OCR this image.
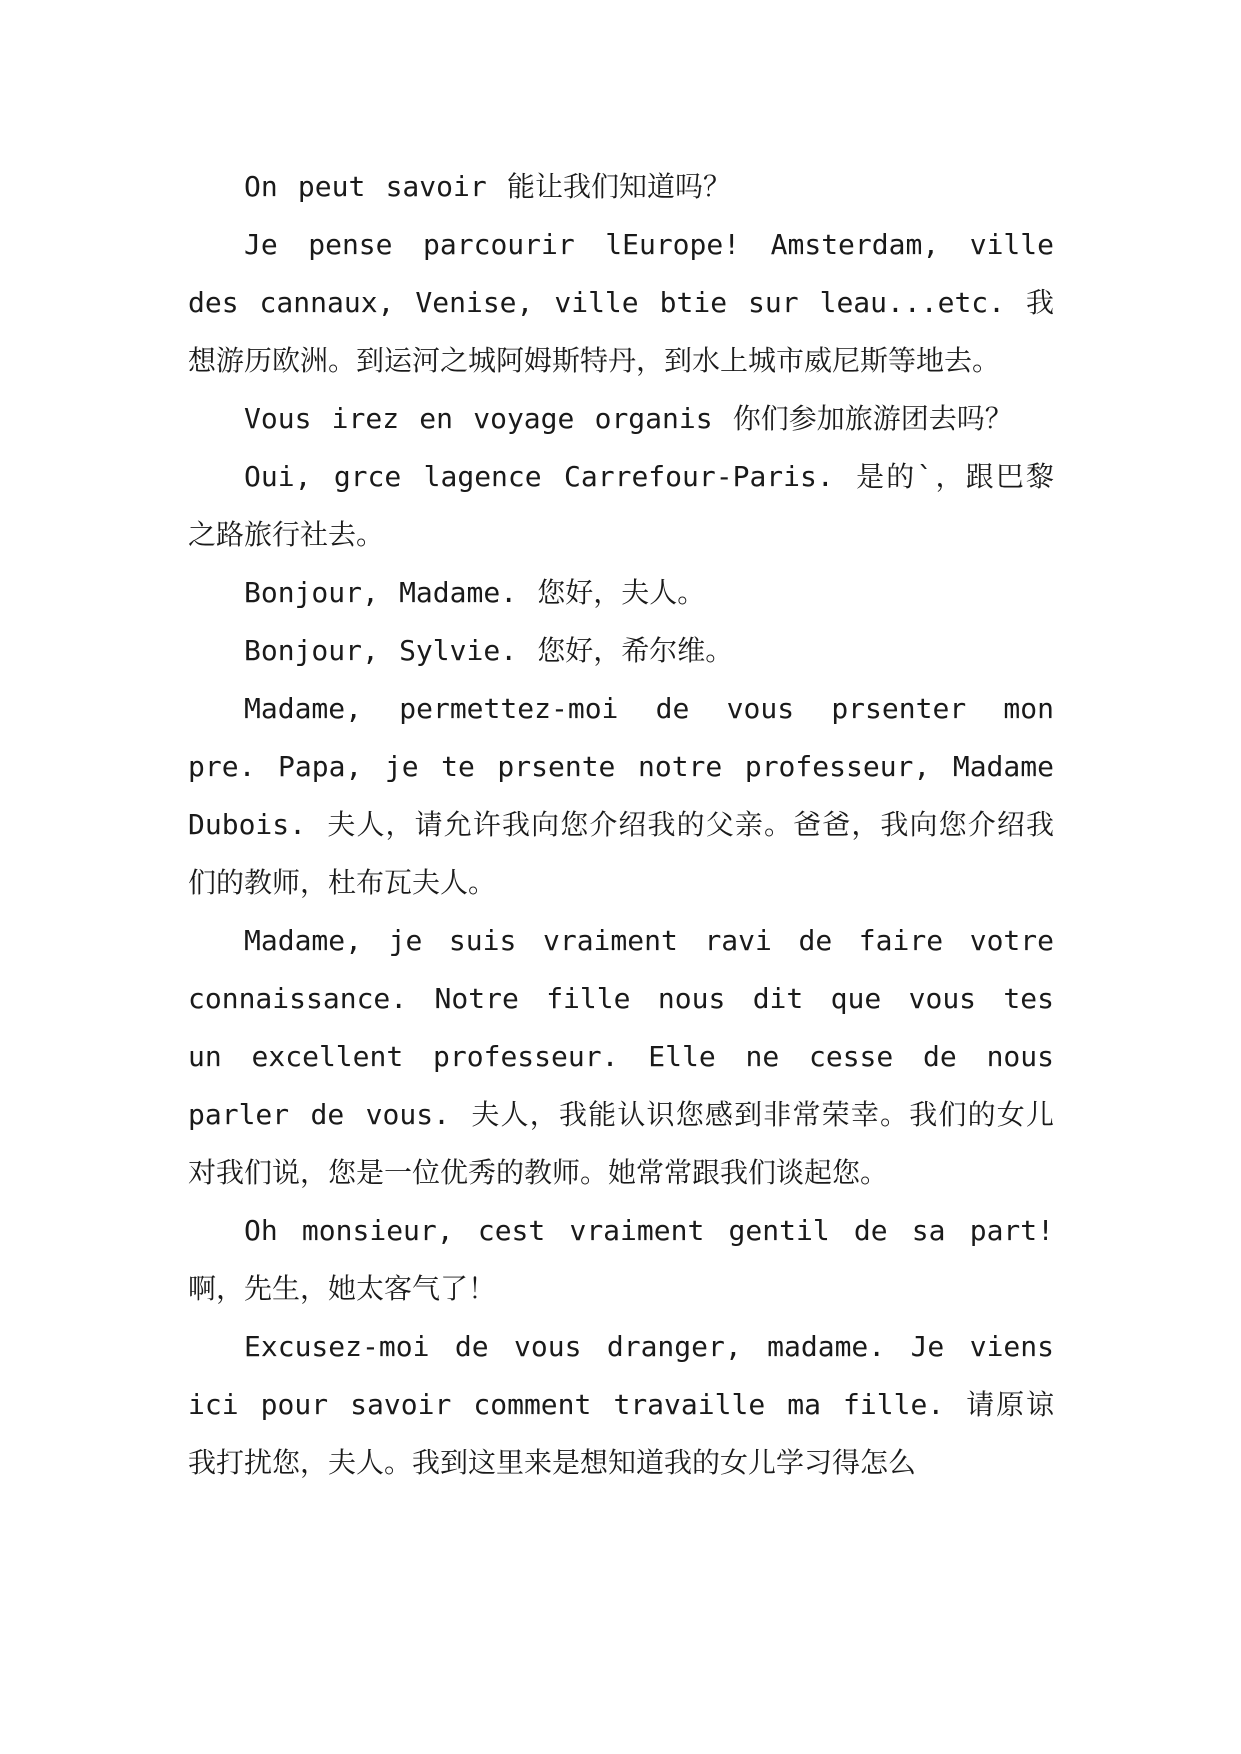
On peut savoir 能让我们知道吗？

Je pense parcourir lEurope! Amsterdam, ville des cannaux, Venise, ville btie sur leau...etc. 我想游历欧洲。到运河之城阿姆斯特丹，到水上城市威尼斯等地去。

Vous irez en voyage organis 你们参加旅游团去吗？

Oui, grce lagence Carrefour-Paris. 是的`，跟巴黎之路旅行社去。

Bonjour, Madame. 您好，夫人。

Bonjour, Sylvie. 您好，希尔维。

Madame, permettez-moi de vous prsenter mon pre. Papa, je te prsente notre professeur, Madame Dubois. 夫人，请允许我向您介绍我的父亲。爸爸，我向您介绍我们的教师，杜布瓦夫人。

Madame, je suis vraiment ravi de faire votre connaissance. Notre fille nous dit que vous tes un excellent professeur. Elle ne cesse de nous parler de vous. 夫人，我能认识您感到非常荣幸。我们的女儿对我们说，您是一位优秀的教师。她常常跟我们谈起您。

Oh monsieur, cest vraiment gentil de sa part! 啊，先生，她太客气了！

Excusez-moi de vous dranger, madame. Je viens ici pour savoir comment travaille ma fille. 请原谅我打扰您，夫人。我到这里来是想知道我的女儿学习得怎么
